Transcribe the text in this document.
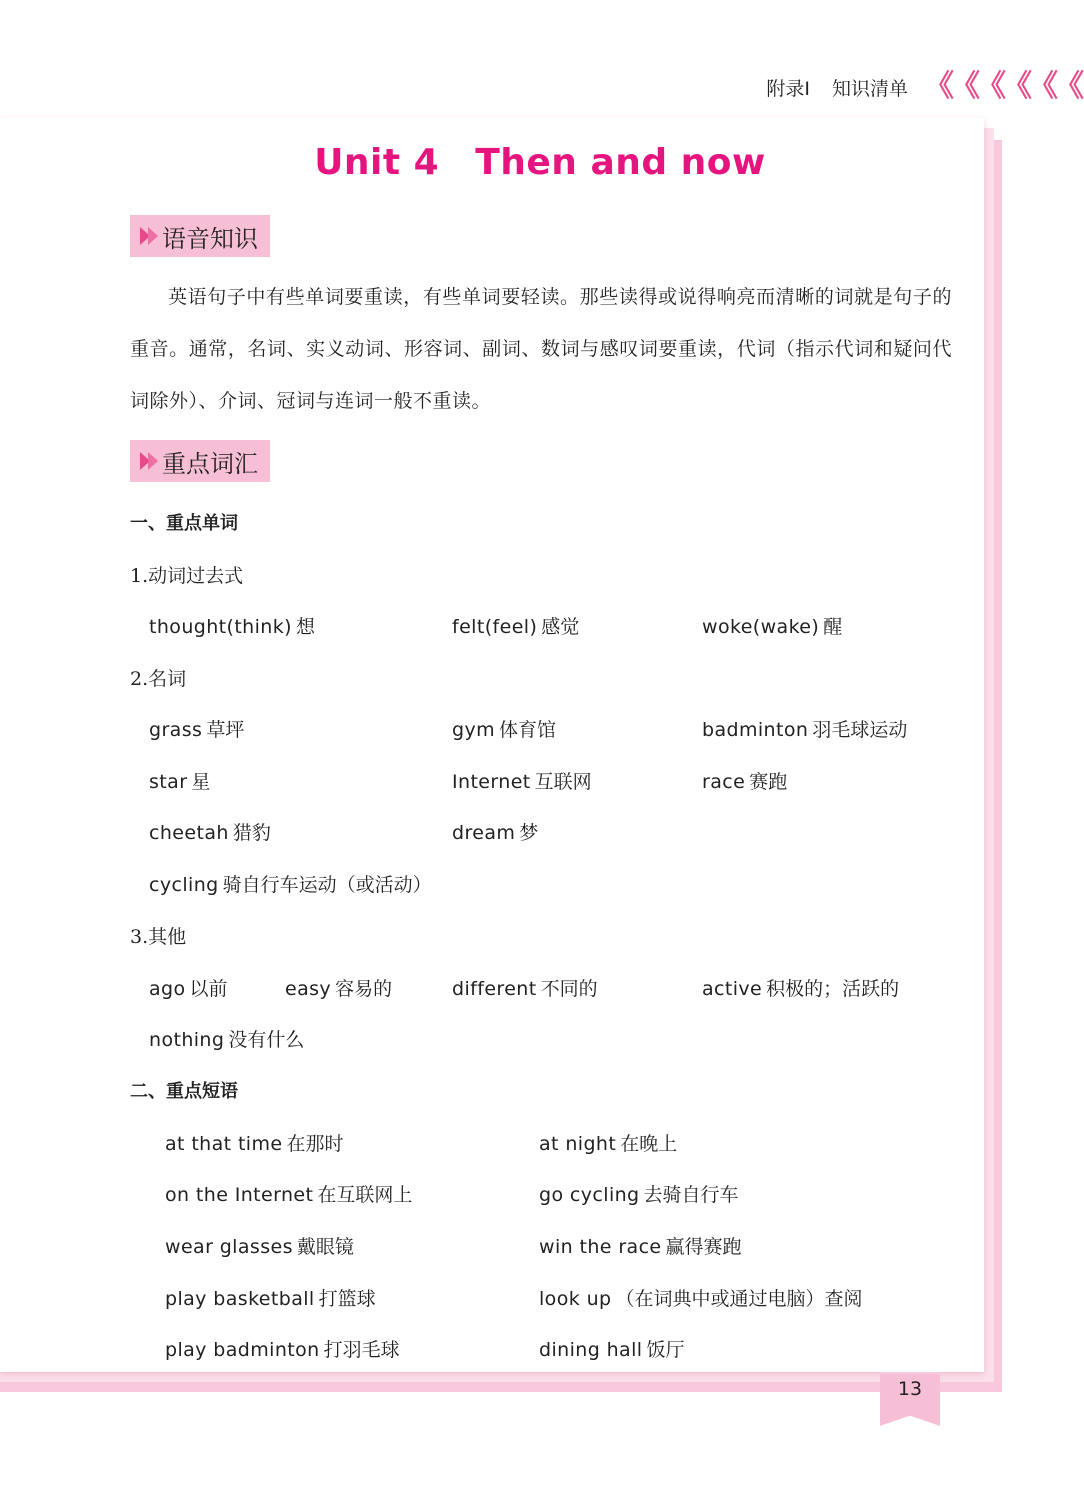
附录Ⅰ 知识清单 《
《
《
《
《
《
Unit 4 Then and now
语音知识

英语句子中有些单词要重读，有些单词要轻读。那些读得或说得响亮而清晰的词就是句子的重音。通常，名词、实义动词、形容词、副词、数词与感叹词要重读，代词（指示代词和疑问代词除外）、介词、冠词与连词一般不重读。

重点词汇
一、重点单词
1.动词过去式
thought(think) 想	felt(feel) 感觉	woke(wake) 醒
2.名词
grass 草坪	gym 体育馆	badminton 羽毛球运动
star 星	Internet 互联网	race 赛跑
cheetah 猎豹	dream 梦
cycling 骑自行车运动（或活动）
3.其他
ago 以前	easy 容易的	different 不同的	active 积极的；活跃的
nothing 没有什么
二、重点短语
at that time 在那时	at night 在晚上
on the Internet 在互联网上	go cycling 去骑自行车
wear glasses 戴眼镜	win the race 赢得赛跑
play basketball 打篮球	look up （在词典中或通过电脑）查阅
play badminton 打羽毛球	dining hall 饭厅
13
